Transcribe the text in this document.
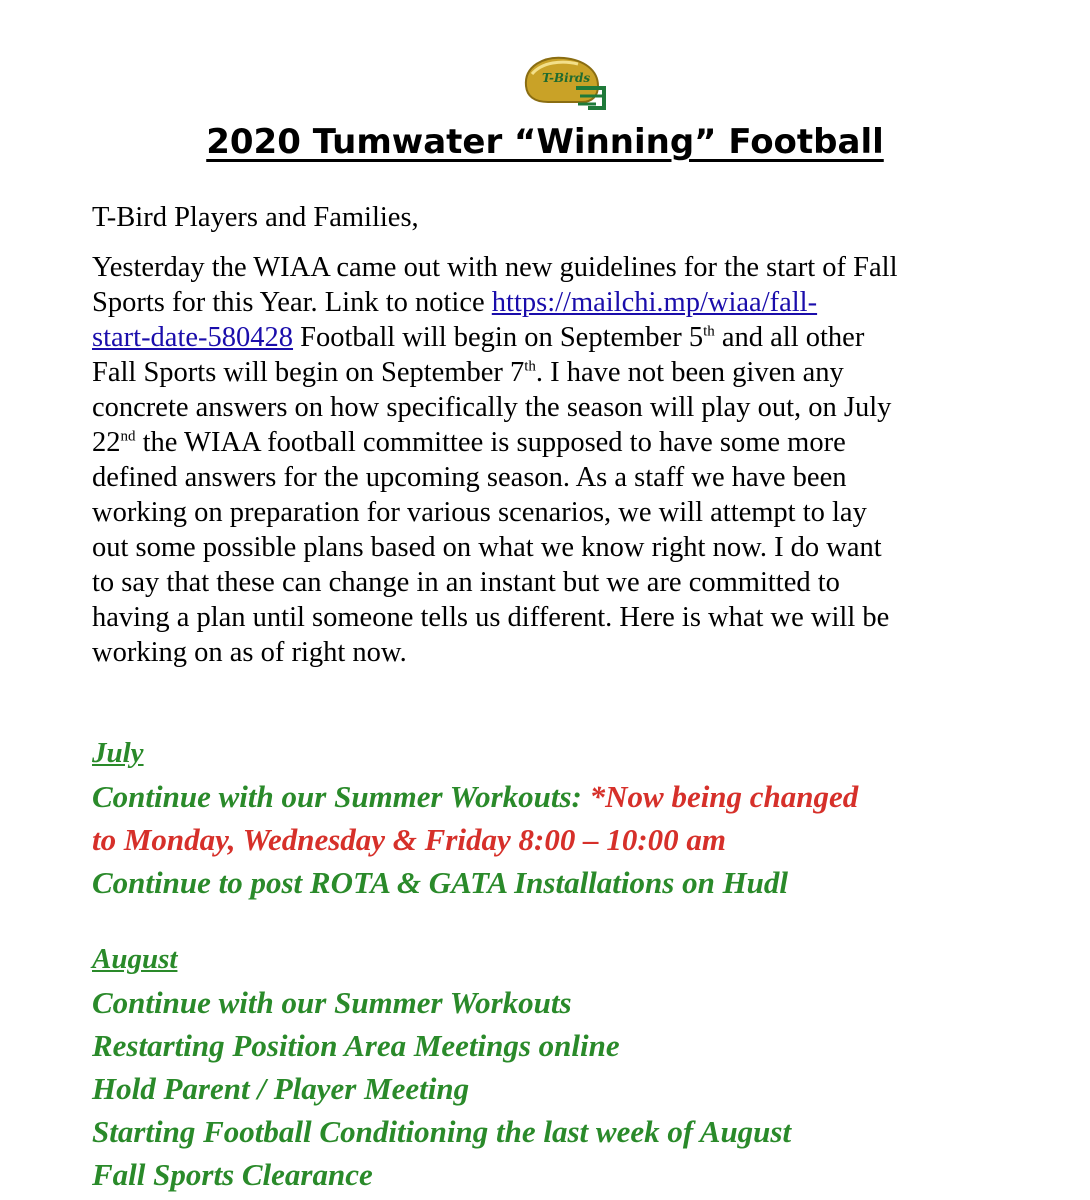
T-Birds
2020 Tumwater “Winning” Football
T-Bird Players and Families,
Yesterday the WIAA came out with new guidelines for the start of Fall
Sports for this Year. Link to notice https://mailchi.mp/wiaa/fall-
start-date-580428 Football will begin on September 5th and all other
Fall Sports will begin on September 7th. I have not been given any
concrete answers on how specifically the season will play out, on July
22nd the WIAA football committee is supposed to have some more
defined answers for the upcoming season. As a staff we have been
working on preparation for various scenarios, we will attempt to lay
out some possible plans based on what we know right now. I do want
to say that these can change in an instant but we are committed to
having a plan until someone tells us different. Here is what we will be
working on as of right now.
July
Continue with our Summer Workouts: *Now being changed
to Monday, Wednesday & Friday 8:00 – 10:00 am
Continue to post ROTA & GATA Installations on Hudl
August
Continue with our Summer Workouts
Restarting Position Area Meetings online
Hold Parent / Player Meeting
Starting Football Conditioning the last week of August
Fall Sports Clearance
